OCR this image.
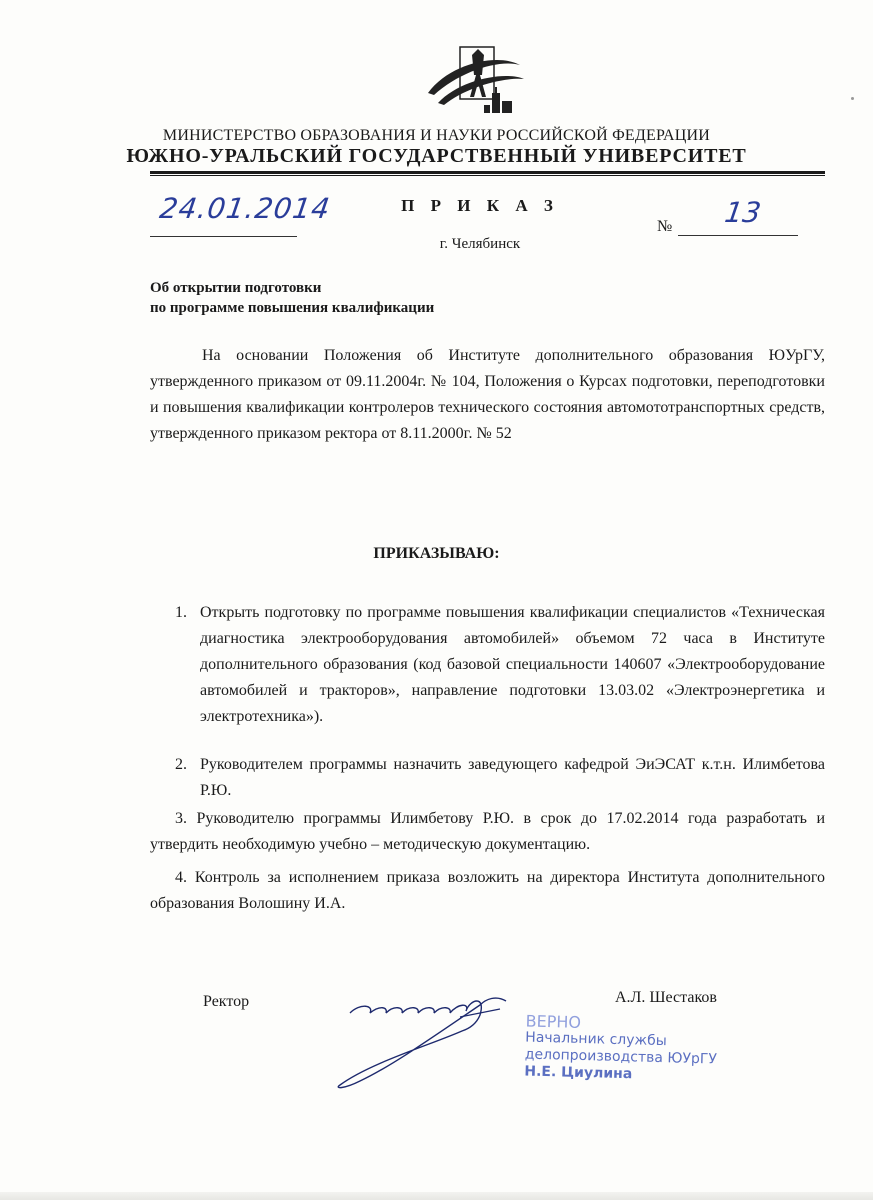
МИНИСТЕРСТВО ОБРАЗОВАНИЯ И НАУКИ РОССИЙСКОЙ ФЕДЕРАЦИИ
ЮЖНО-УРАЛЬСКИЙ ГОСУДАРСТВЕННЫЙ УНИВЕРСИТЕТ
24.01.2014	П Р И К А З
г. Челябинск
№ 13
Об открытии подготовки
по программе повышения квалификации
На основании Положения об Институте дополнительного образования ЮУрГУ, утвержденного приказом от 09.11.2004г. № 104, Положения о Курсах подготовки, переподготовки и повышения квалификации контролеров технического состояния автомототранспортных средств, утвержденного приказом ректора от 8.11.2000г. № 52
ПРИКАЗЫВАЮ:
1. Открыть подготовку по программе повышения квалификации специалистов «Техническая диагностика электрооборудования автомобилей» объемом 72 часа в Институте дополнительного образования (код базовой специальности 140607 «Электрооборудование автомобилей и тракторов», направление подготовки 13.03.02 «Электроэнергетика и электротехника»).
2. Руководителем программы назначить заведующего кафедрой ЭиЭСАТ к.т.н. Илимбетова Р.Ю.
3. Руководителю программы Илимбетову Р.Ю. в срок до 17.02.2014 года разработать и утвердить необходимую учебно – методическую документацию.
4. Контроль за исполнением приказа возложить на директора Института дополнительного образования Волошину И.А.
Ректор	А.Л. Шестаков
ВЕРНО
Начальник службы
делопроизводства ЮУрГУ
Н.Е. Циулина
